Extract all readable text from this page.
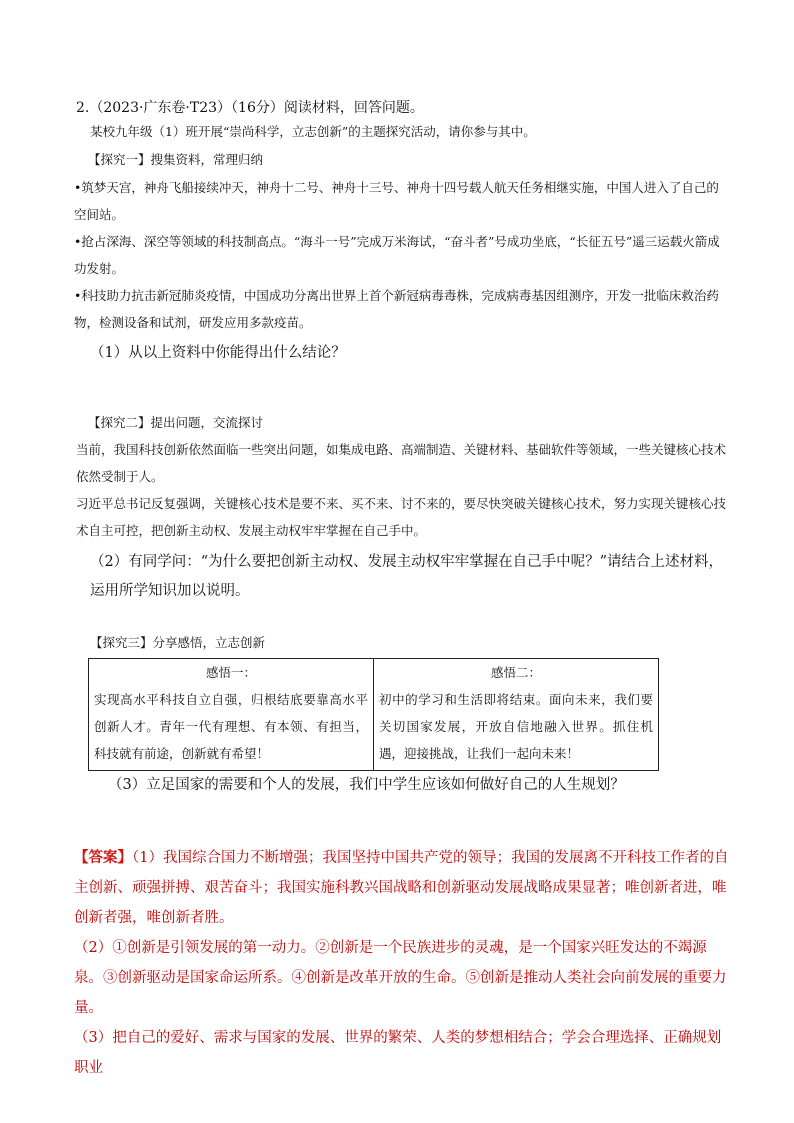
2.（2023·广东卷·T23）（16分）阅读材料，回答问题。

某校九年级（1）班开展“崇尚科学，立志创新”的主题探究活动，请你参与其中。

【探究一】搜集资料，常理归纳

•筑梦天宫，神舟飞船接续冲天，神舟十二号、神舟十三号、神舟十四号载人航天任务相继实施，中国人进入了自己的空间站。

•抢占深海、深空等领域的科技制高点。“海斗一号”完成万米海试，“奋斗者”号成功坐底，“长征五号”遥三运载火箭成功发射。

•科技助力抗击新冠肺炎疫情，中国成功分离出世界上首个新冠病毒毒株，完成病毒基因组测序，开发一批临床救治药物，检测设备和试剂，研发应用多款疫苗。

（1）从以上资料中你能得出什么结论？
【探究二】提出问题，交流探讨

当前，我国科技创新依然面临一些突出问题，如集成电路、高端制造、关键材料、基础软件等领域，一些关键核心技术依然受制于人。

习近平总书记反复强调，关键核心技术是要不来、买不来、讨不来的，要尽快突破关键核心技术，努力实现关键核心技术自主可控，把创新主动权、发展主动权牢牢掌握在自己手中。

（2）有同学问：“为什么要把创新主动权、发展主动权牢牢掌握在自己手中呢？”请结合上述材料，运用所学知识加以说明。

【探究三】分享感悟，立志创新
感悟一：
实现高水平科技自立自强，归根结底要靠高水平创新人才。青年一代有理想、有本领、有担当，科技就有前途，创新就有希望！

感悟二：
初中的学习和生活即将结束。面向未来，我们要关切国家发展，开放自信地融入世界。抓住机遇，迎接挑战，让我们一起向未来！
（3）立足国家的需要和个人的发展，我们中学生应该如何做好自己的人生规划？

【答案】（1）我国综合国力不断增强；我国坚持中国共产党的领导；我国的发展离不开科技工作者的自主创新、顽强拼搏、艰苦奋斗；我国实施科教兴国战略和创新驱动发展战略成果显著；唯创新者进，唯创新者强，唯创新者胜。

（2）①创新是引领发展的第一动力。②创新是一个民族进步的灵魂，是一个国家兴旺发达的不竭源泉。③创新驱动是国家命运所系。④创新是改革开放的生命。⑤创新是推动人类社会向前发展的重要力量。

（3）把自己的爱好、需求与国家的发展、世界的繁荣、人类的梦想相结合；学会合理选择、正确规划职业
